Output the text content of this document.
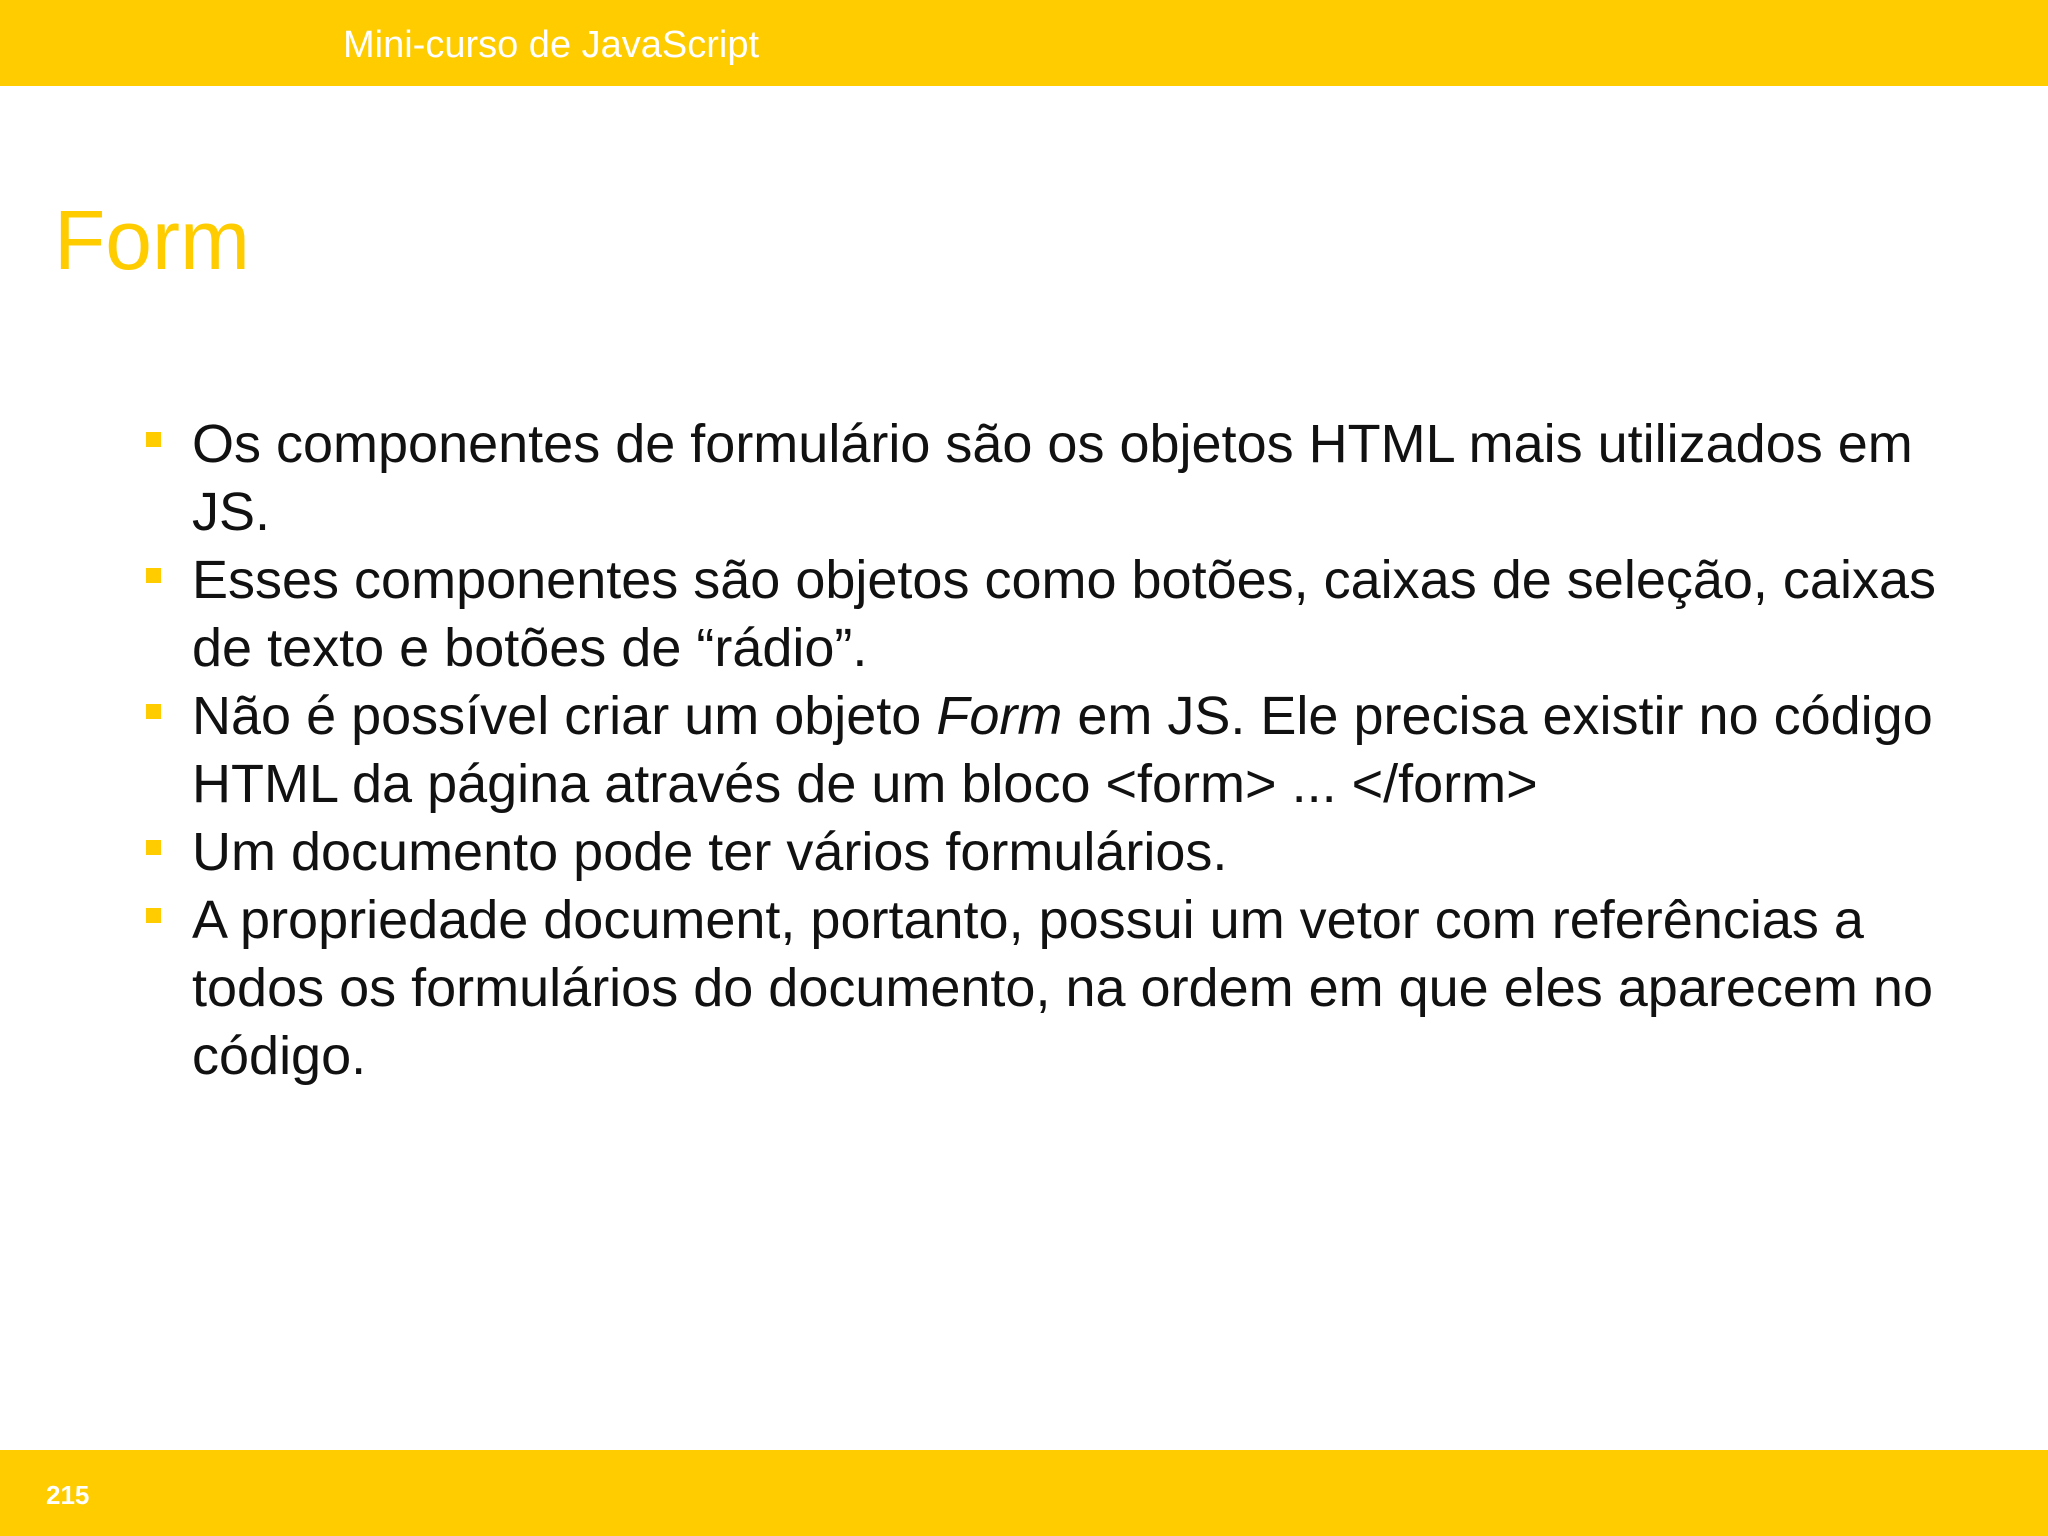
Mini-curso de JavaScript
Form
Os componentes de formulário são os objetos HTML mais utilizados em JS.
Esses componentes são objetos como botões, caixas de seleção, caixas de texto e botões de “rádio”.
Não é possível criar um objeto Form em JS. Ele precisa existir no código HTML da página através de um bloco <form> ... </form>
Um documento pode ter vários formulários.
A propriedade document, portanto, possui um vetor com referências a todos os formulários do documento, na ordem em que eles aparecem no código.
215
